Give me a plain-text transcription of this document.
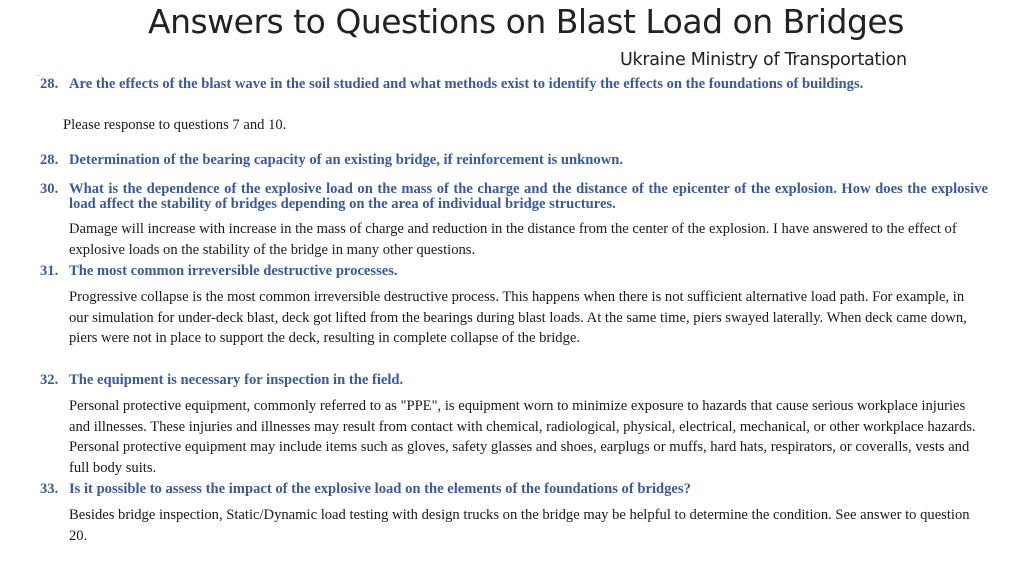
Answers to Questions on Blast Load on Bridges
Ukraine Ministry of Transportation
.
28. Are the effects of the blast wave in the soil studied and what methods exist to identify the effects on the foundations of buildings.
Please response to questions 7 and 10.
28. Determination of the bearing capacity of an existing bridge, if reinforcement is unknown.
30. What is the dependence of the explosive load on the mass of the charge and the distance of the epicenter of the explosion. How does the explosive load affect the stability of bridges depending on the area of individual bridge structures.
Damage will increase with increase in the mass of charge and reduction in the distance from the center of the explosion. I have answered to the effect of explosive loads on the stability of the bridge in many other questions.
31. The most common irreversible destructive processes.
Progressive collapse is the most common irreversible destructive process. This happens when there is not sufficient alternative load path. For example, in our simulation for under-deck blast, deck got lifted from the bearings during blast loads. At the same time, piers swayed laterally. When deck came down, piers were not in place to support the deck, resulting in complete collapse of the bridge.
32. The equipment is necessary for inspection in the field.
Personal protective equipment, commonly referred to as "PPE", is equipment worn to minimize exposure to hazards that cause serious workplace injuries and illnesses. These injuries and illnesses may result from contact with chemical, radiological, physical, electrical, mechanical, or other workplace hazards. Personal protective equipment may include items such as gloves, safety glasses and shoes, earplugs or muffs, hard hats, respirators, or coveralls, vests and full body suits.
33. Is it possible to assess the impact of the explosive load on the elements of the foundations of bridges?
Besides bridge inspection, Static/Dynamic load testing with design trucks on the bridge may be helpful to determine the condition. See answer to question 20.
